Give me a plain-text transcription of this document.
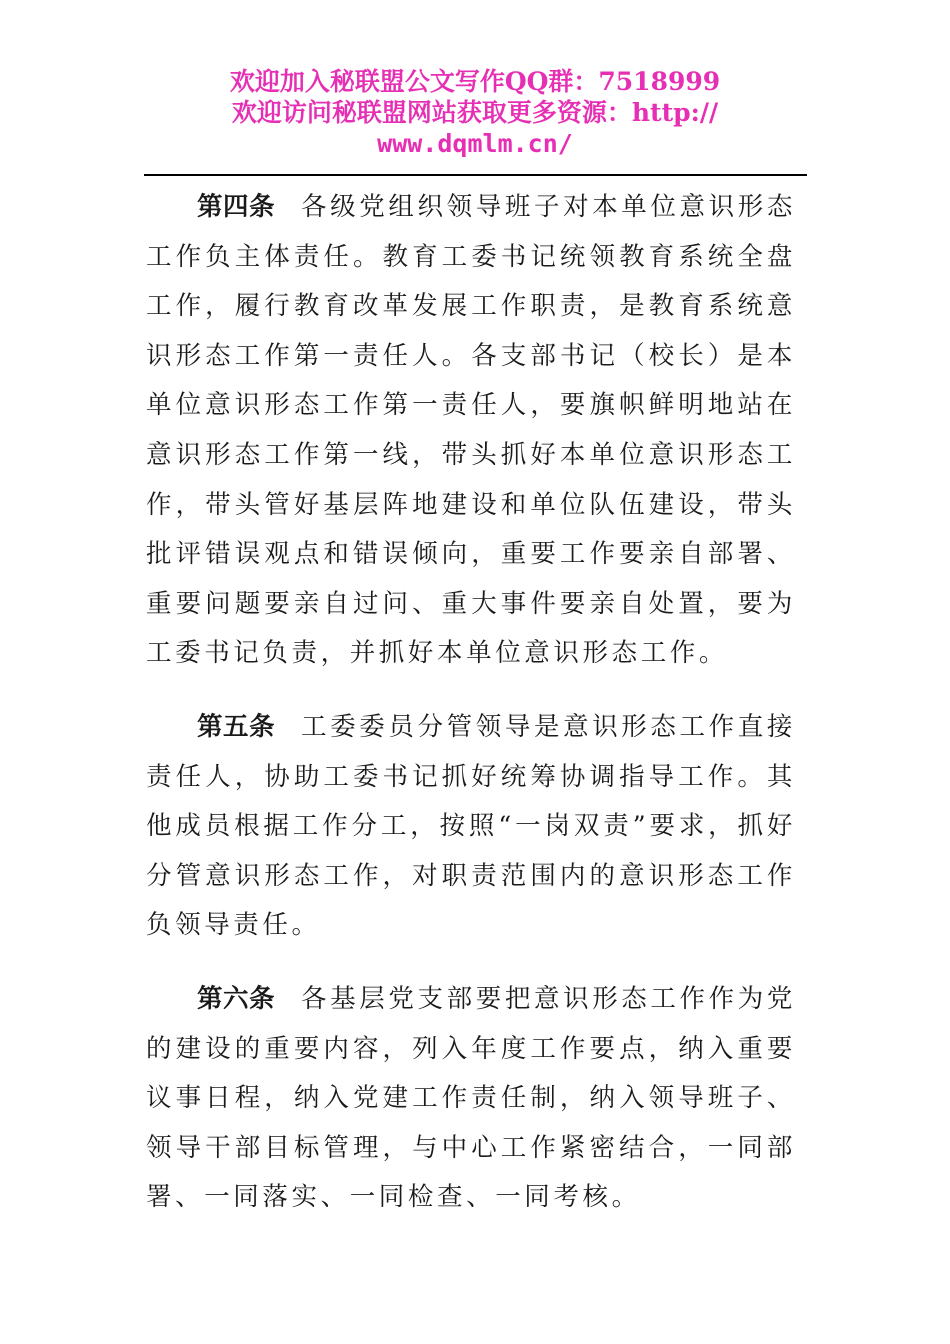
欢迎加入秘联盟公文写作QQ群：7518999
欢迎访问秘联盟网站获取更多资源：http://
www.dqmlm.cn/

第四条 各级党组织领导班子对本单位意识形态工作负主体责任。教育工委书记统领教育系统全盘工作，履行教育改革发展工作职责，是教育系统意识形态工作第一责任人。各支部书记（校长）是本单位意识形态工作第一责任人，要旗帜鲜明地站在意识形态工作第一线，带头抓好本单位意识形态工作，带头管好基层阵地建设和单位队伍建设，带头批评错误观点和错误倾向，重要工作要亲自部署、重要问题要亲自过问、重大事件要亲自处置，要为工委书记负责，并抓好本单位意识形态工作。

第五条 工委委员分管领导是意识形态工作直接责任人，协助工委书记抓好统筹协调指导工作。其他成员根据工作分工，按照“一岗双责”要求，抓好分管意识形态工作，对职责范围内的意识形态工作负领导责任。

第六条 各基层党支部要把意识形态工作作为党的建设的重要内容，列入年度工作要点，纳入重要议事日程，纳入党建工作责任制，纳入领导班子、领导干部目标管理，与中心工作紧密结合，一同部署、一同落实、一同检查、一同考核。
